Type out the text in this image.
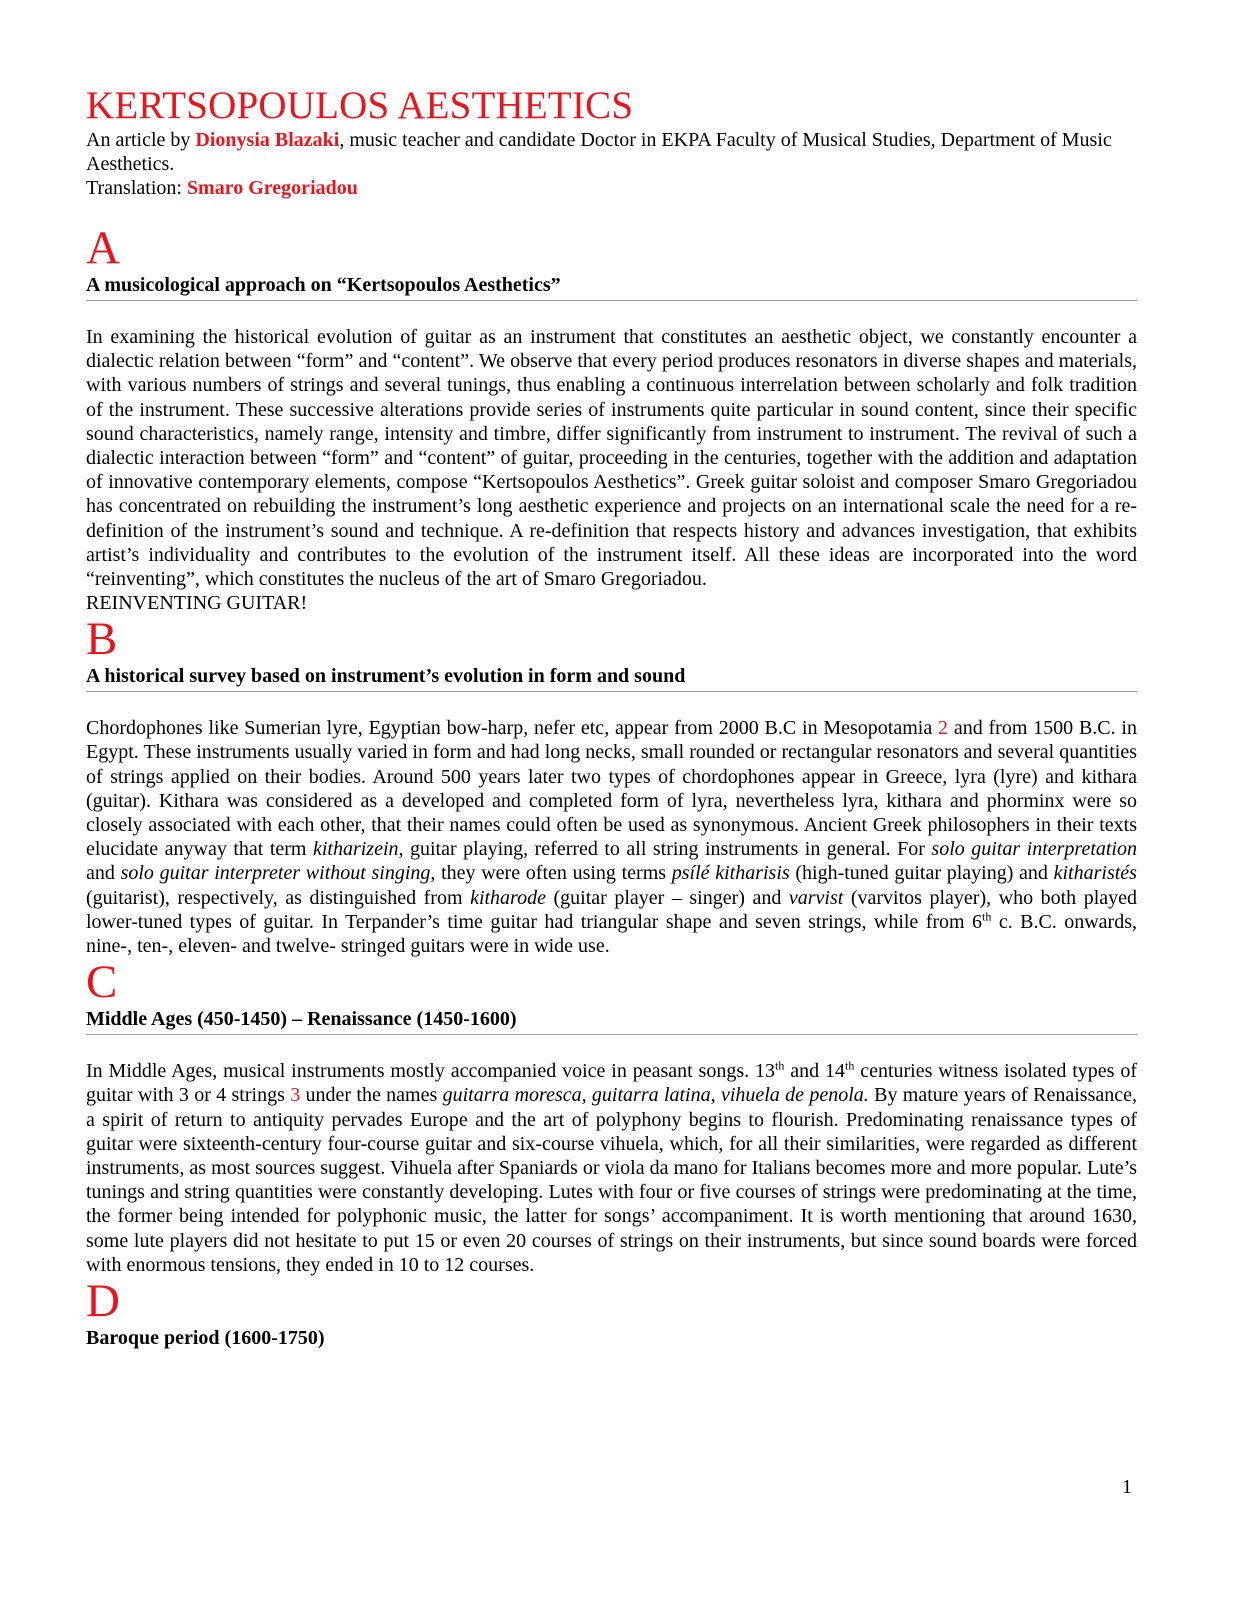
KERTSOPOULOS AESTHETICS

An article by Dionysia Blazaki, music teacher and candidate Doctor in EKPA Faculty of Musical Studies, Department of Music Aesthetics.

Translation: Smaro Gregoriadou

A
A musicological approach on “Kertsopoulos Aesthetics”

In examining the historical evolution of guitar as an instrument that constitutes an aesthetic object, we constantly encounter a dialectic relation between “form” and “content”. We observe that every period produces resonators in diverse shapes and materials, with various numbers of strings and several tunings, thus enabling a continuous interrelation between scholarly and folk tradition of the instrument. These successive alterations provide series of instruments quite particular in sound content, since their specific sound characteristics, namely range, intensity and timbre, differ significantly from instrument to instrument. The revival of such a dialectic interaction between “form” and “content” of guitar, proceeding in the centuries, together with the addition and adaptation of innovative contemporary elements, compose “Kertsopoulos Aesthetics”. Greek guitar soloist and composer Smaro Gregoriadou has concentrated on rebuilding the instrument’s long aesthetic experience and projects on an international scale the need for a re-definition of the instrument’s sound and technique. A re-definition that respects history and advances investigation, that exhibits artist’s individuality and contributes to the evolution of the instrument itself. All these ideas are incorporated into the word “reinventing”, which constitutes the nucleus of the art of Smaro Gregoriadou.

REINVENTING GUITAR!

B
A historical survey based on instrument’s evolution in form and sound

Chordophones like Sumerian lyre, Egyptian bow-harp, nefer etc, appear from 2000 B.C in Mesopotamia 2 and from 1500 B.C. in Egypt. These instruments usually varied in form and had long necks, small rounded or rectangular resonators and several quantities of strings applied on their bodies. Around 500 years later two types of chordophones appear in Greece, lyra (lyre) and kithara (guitar). Kithara was considered as a developed and completed form of lyra, nevertheless lyra, kithara and phorminx were so closely associated with each other, that their names could often be used as synonymous. Ancient Greek philosophers in their texts elucidate anyway that term kitharizein, guitar playing, referred to all string instruments in general. For solo guitar interpretation and solo guitar interpreter without singing, they were often using terms psílé kitharisis (high-tuned guitar playing) and kitharistés (guitarist), respectively, as distinguished from kitharode (guitar player – singer) and varvist (varvitos player), who both played lower-tuned types of guitar. In Terpander’s time guitar had triangular shape and seven strings, while from 6th c. B.C. onwards, nine-, ten-, eleven- and twelve- stringed guitars were in wide use.

C
Middle Ages (450-1450) – Renaissance (1450-1600)

In Middle Ages, musical instruments mostly accompanied voice in peasant songs. 13th and 14th centuries witness isolated types of guitar with 3 or 4 strings 3 under the names guitarra moresca, guitarra latina, vihuela de penola. By mature years of Renaissance, a spirit of return to antiquity pervades Europe and the art of polyphony begins to flourish. Predominating renaissance types of guitar were sixteenth-century four-course guitar and six-course vihuela, which, for all their similarities, were regarded as different instruments, as most sources suggest. Vihuela after Spaniards or viola da mano for Italians becomes more and more popular. Lute’s tunings and string quantities were constantly developing. Lutes with four or five courses of strings were predominating at the time, the former being intended for polyphonic music, the latter for songs’ accompaniment. It is worth mentioning that around 1630, some lute players did not hesitate to put 15 or even 20 courses of strings on their instruments, but since sound boards were forced with enormous tensions, they ended in 10 to 12 courses.

D
Baroque period (1600-1750)
1
